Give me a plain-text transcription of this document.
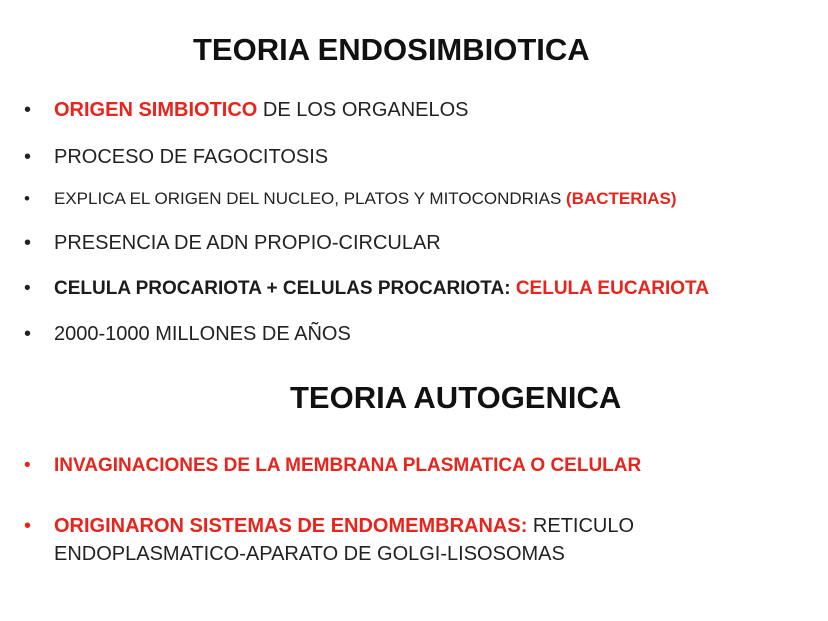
TEORIA ENDOSIMBIOTICA
• ORIGEN SIMBIOTICO DE LOS ORGANELOS
• PROCESO DE FAGOCITOSIS
• EXPLICA EL ORIGEN DEL NUCLEO, PLATOS Y MITOCONDRIAS (BACTERIAS)
• PRESENCIA DE ADN PROPIO-CIRCULAR
• CELULA PROCARIOTA + CELULAS PROCARIOTA: CELULA EUCARIOTA
• 2000-1000 MILLONES DE AÑOS
TEORIA AUTOGENICA
• INVAGINACIONES DE LA MEMBRANA PLASMATICA O CELULAR
• ORIGINARON SISTEMAS DE ENDOMEMBRANAS: RETICULO
ENDOPLASMATICO-APARATO DE GOLGI-LISOSOMAS
